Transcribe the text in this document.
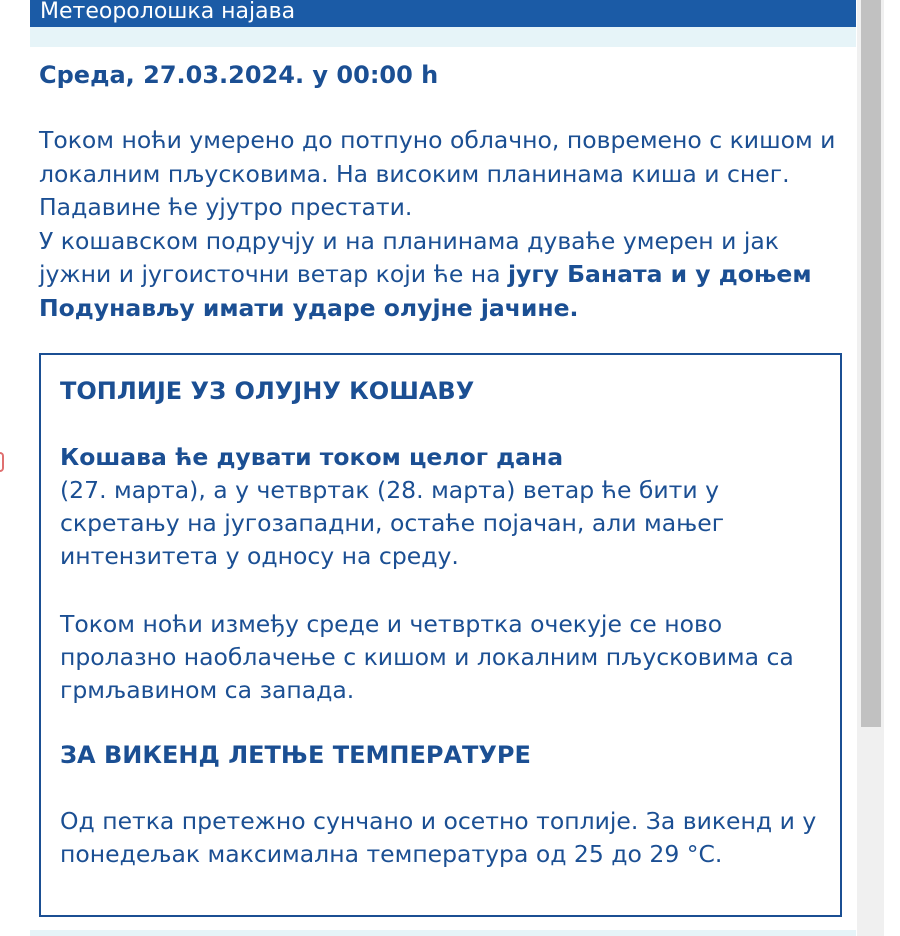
Метеоролошка најава
Среда, 27.03.2024. у 00:00 h

Током ноћи умерено до потпуно облачно, повремено с кишом и локалним пљусковима. На високим планинама киша и снег. Падавине ће ујутро престати.

У кошавском подручју и на планинама дуваће умерен и јак јужни и југоисточни ветар који ће на југу Баната и у доњем Подунављу имати ударе олујне јачине.

ТОПЛИЈЕ УЗ ОЛУЈНУ КОШАВУ
Кошава ће дувати током целог дана
(27. марта), а у четвртак (28. марта) ветар ће бити у скретању на југозападни, остаће појачан, али мањег интензитета у односу на среду.
Током ноћи између среде и четвртка очекује се ново пролазно наоблачење с кишом и локалним пљусковима са грмљавином са запада.
ЗА ВИКЕНД ЛЕТЊЕ ТЕМПЕРАТУРЕ
Од петка претежно сунчано и осетно топлије. За викенд и у понедељак максимална температура од 25 до 29 °C.
